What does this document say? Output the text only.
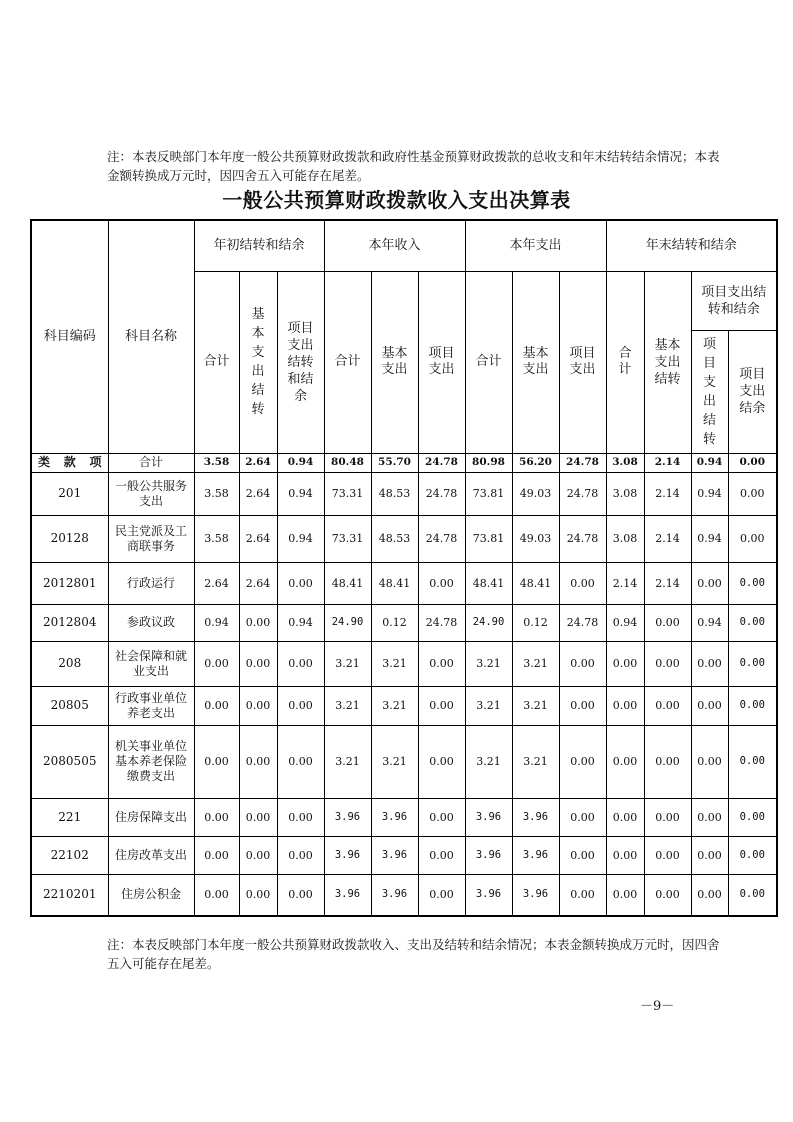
注：本表反映部门本年度一般公共预算财政拨款和政府性基金预算财政拨款的总收支和年末结转结余情况；本表金额转换成万元时，因四舍五入可能存在尾差。
一般公共预算财政拨款收入支出决算表
科目编码	科目名称	年初结转和结余			本年收入			本年支出			年末结转和结余			
		合计	基本支出结转	项目支出结转和结余	合计	基本支出	项目支出	合计	基本支出	项目支出	合计	基本支出结转	项目支出结转和结余	

													项目支出结转	项目支出结余

类 款 项	合计	3.58	2.64	0.94	80.48	55.70	24.78	80.98	56.20	24.78	3.08	2.14	0.94	0.00
201	一般公共服务支出	3.58	2.64	0.94	73.31	48.53	24.78	73.81	49.03	24.78	3.08	2.14	0.94	0.00
20128	民主党派及工商联事务	3.58	2.64	0.94	73.31	48.53	24.78	73.81	49.03	24.78	3.08	2.14	0.94	0.00
2012801	行政运行	2.64	2.64	0.00	48.41	48.41	0.00	48.41	48.41	0.00	2.14	2.14	0.00	0.00
2012804	参政议政	0.94	0.00	0.94	24.90	0.12	24.78	24.90	0.12	24.78	0.94	0.00	0.94	0.00
208	社会保障和就业支出	0.00	0.00	0.00	3.21	3.21	0.00	3.21	3.21	0.00	0.00	0.00	0.00	0.00
20805	行政事业单位养老支出	0.00	0.00	0.00	3.21	3.21	0.00	3.21	3.21	0.00	0.00	0.00	0.00	0.00
2080505	机关事业单位基本养老保险缴费支出	0.00	0.00	0.00	3.21	3.21	0.00	3.21	3.21	0.00	0.00	0.00	0.00	0.00
221	住房保障支出	0.00	0.00	0.00	3.96	3.96	0.00	3.96	3.96	0.00	0.00	0.00	0.00	0.00
22102	住房改革支出	0.00	0.00	0.00	3.96	3.96	0.00	3.96	3.96	0.00	0.00	0.00	0.00	0.00
2210201	住房公积金	0.00	0.00	0.00	3.96	3.96	0.00	3.96	3.96	0.00	0.00	0.00	0.00	0.00
注：本表反映部门本年度一般公共预算财政拨款收入、支出及结转和结余情况；本表金额转换成万元时，因四舍五入可能存在尾差。
－9－
